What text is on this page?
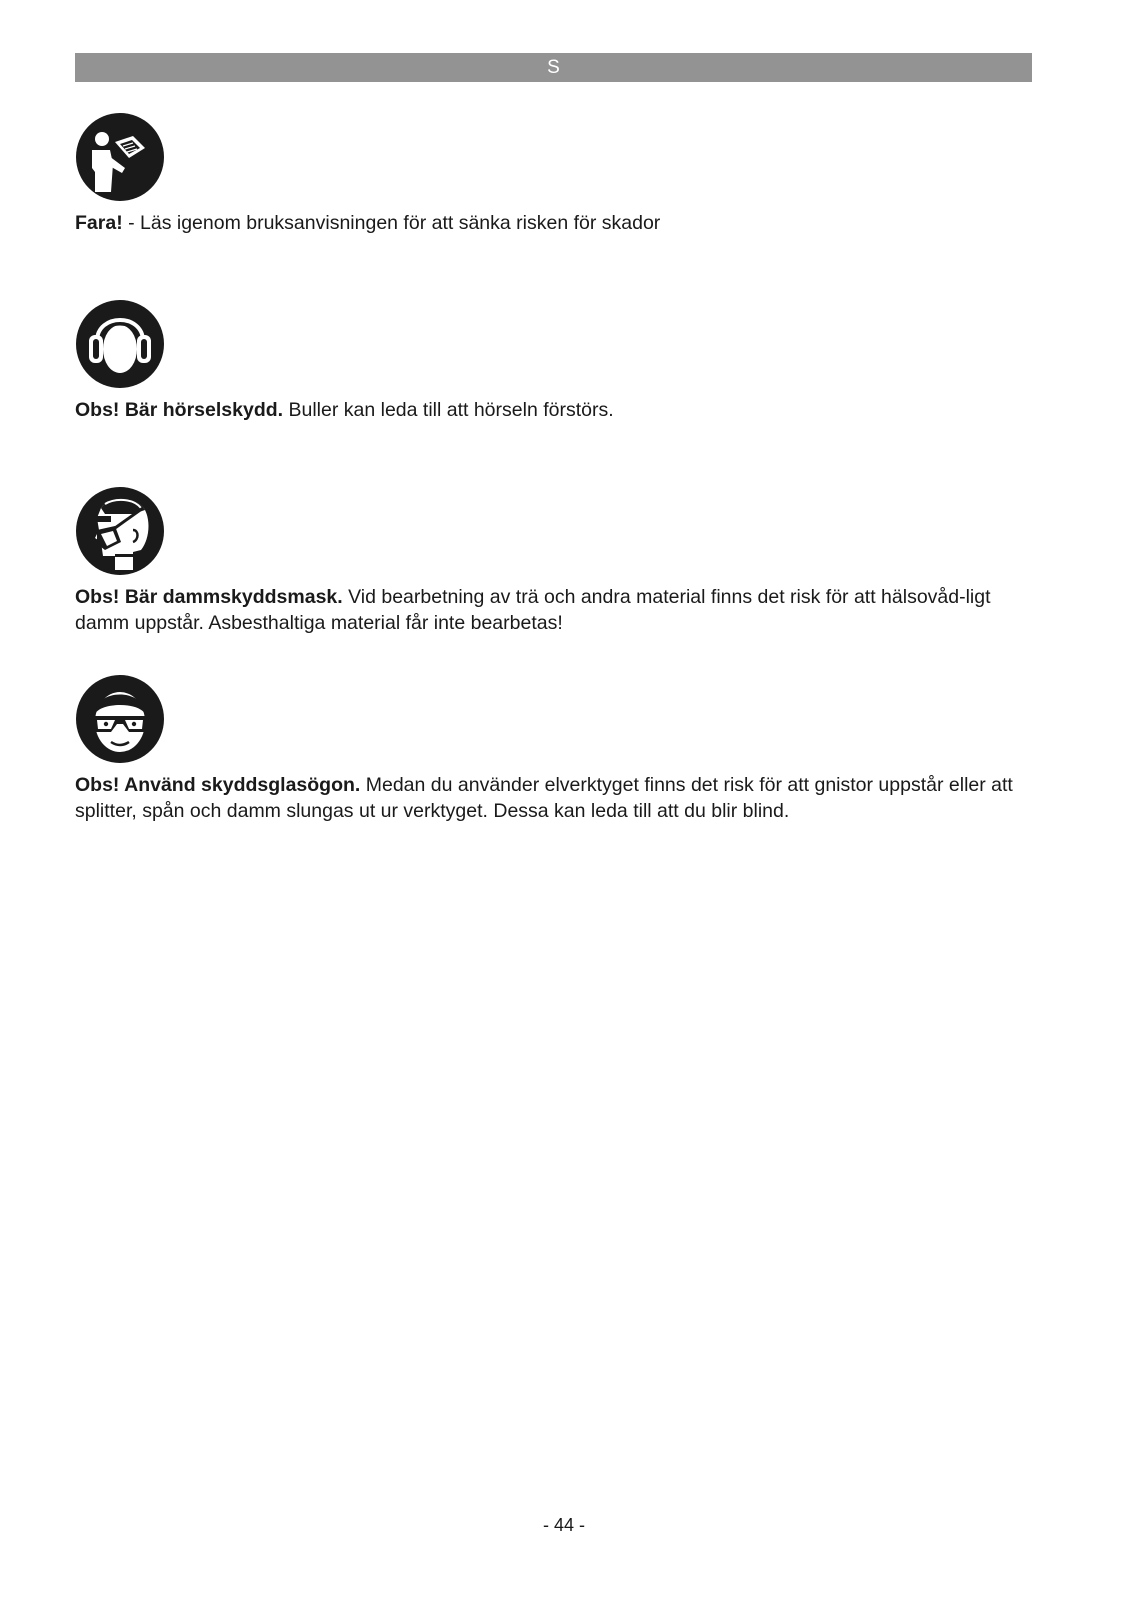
S

Fara! - Läs igenom bruksanvisningen för att sänka risken för skador

Obs! Bär hörselskydd. Buller kan leda till att hörseln förstörs.

Obs! Bär dammskyddsmask. Vid bearbetning av trä och andra material finns det risk för att hälsovåd-ligt damm uppstår. Asbesthaltiga material får inte bearbetas!

Obs! Använd skyddsglasögon. Medan du använder elverktyget finns det risk för att gnistor uppstår eller att splitter, spån och damm slungas ut ur verktyget. Dessa kan leda till att du blir blind.

- 44 -
